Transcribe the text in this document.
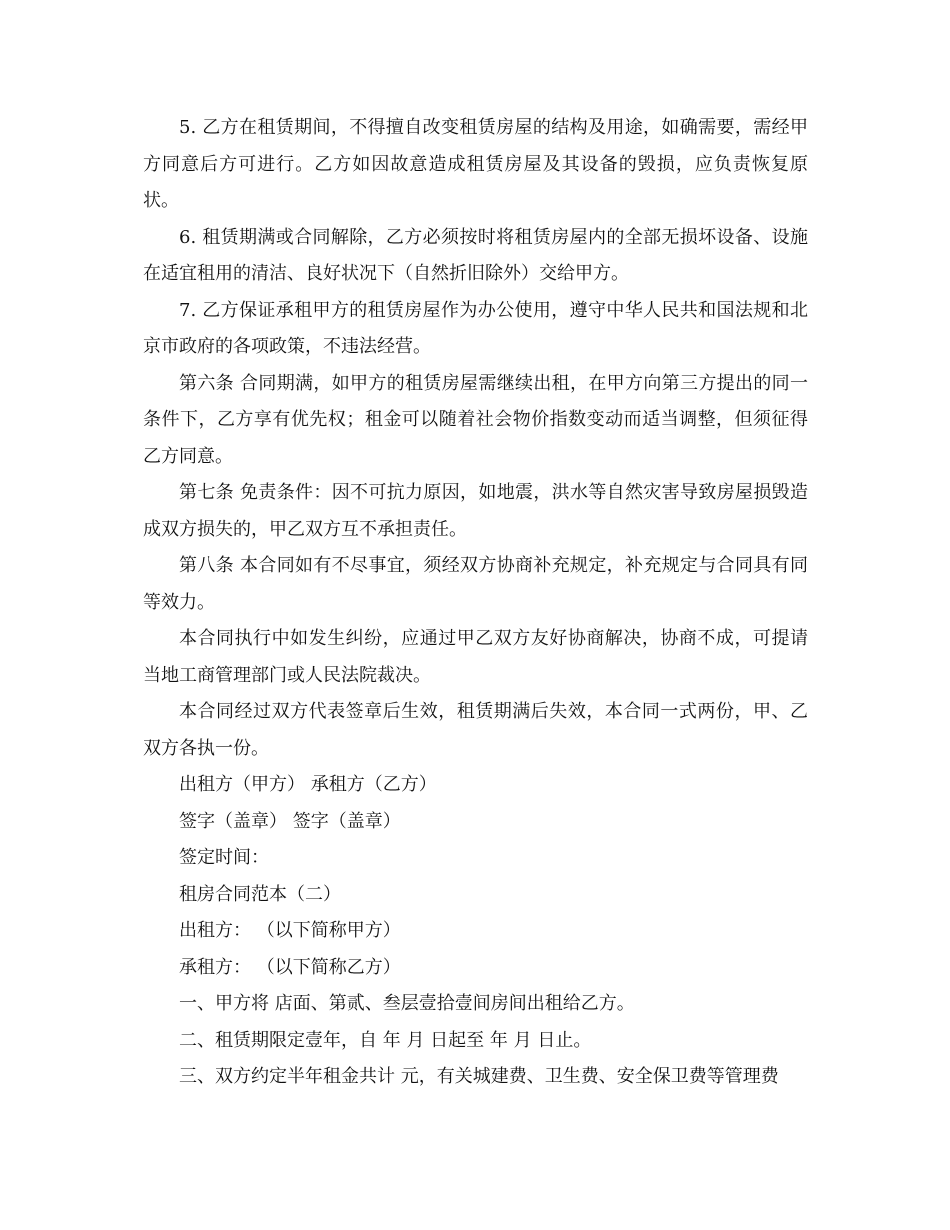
5. 乙方在租赁期间，不得擅自改变租赁房屋的结构及用途，如确需要，需经甲方同意后方可进行。乙方如因故意造成租赁房屋及其设备的毁损，应负责恢复原状。

6. 租赁期满或合同解除，乙方必须按时将租赁房屋内的全部无损坏设备、设施在适宜租用的清洁、良好状况下（自然折旧除外）交给甲方。

7. 乙方保证承租甲方的租赁房屋作为办公使用，遵守中华人民共和国法规和北京市政府的各项政策，不违法经营。

第六条 合同期满，如甲方的租赁房屋需继续出租，在甲方向第三方提出的同一条件下，乙方享有优先权；租金可以随着社会物价指数变动而适当调整，但须征得乙方同意。

第七条 免责条件：因不可抗力原因，如地震，洪水等自然灾害导致房屋损毁造成双方损失的，甲乙双方互不承担责任。

第八条 本合同如有不尽事宜，须经双方协商补充规定，补充规定与合同具有同等效力。

本合同执行中如发生纠纷，应通过甲乙双方友好协商解决，协商不成，可提请当地工商管理部门或人民法院裁决。

本合同经过双方代表签章后生效，租赁期满后失效，本合同一式两份，甲、乙双方各执一份。

出租方（甲方） 承租方（乙方）

签字（盖章） 签字（盖章）

签定时间：

租房合同范本（二）

出租方： （以下简称甲方）

承租方： （以下简称乙方）

一、甲方将 店面、第贰、叁层壹拾壹间房间出租给乙方。

二、租赁期限定壹年，自 年 月 日起至 年 月 日止。

三、双方约定半年租金共计 元，有关城建费、卫生费、安全保卫费等管理费
